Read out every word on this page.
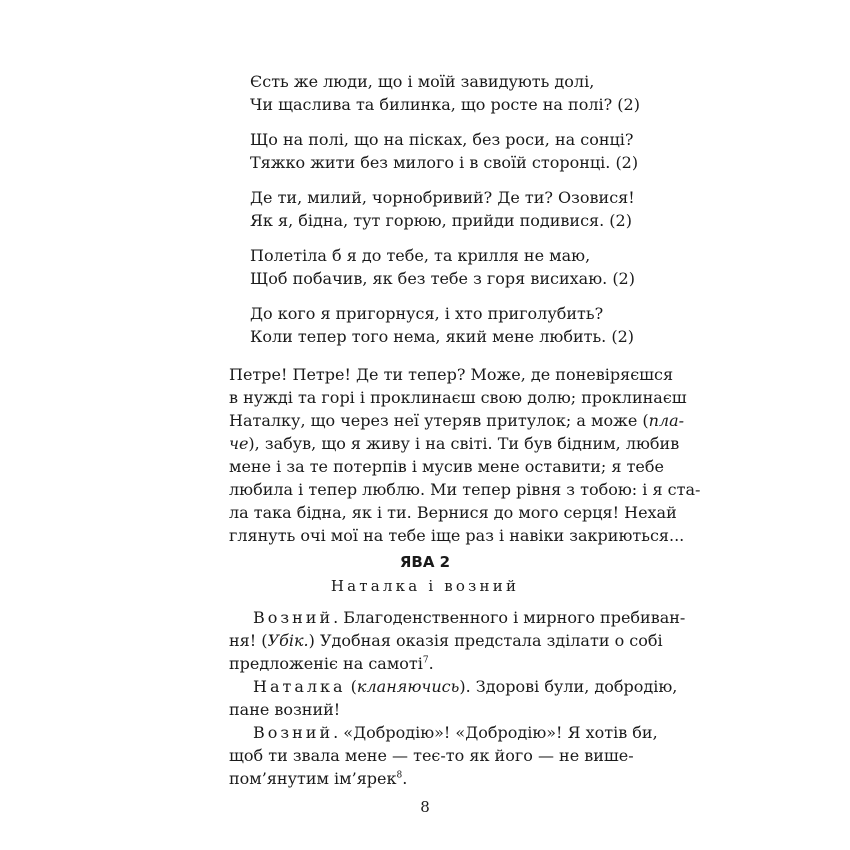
Єсть же люди, що і моїй завидують долі,
Чи щаслива та билинка, що росте на полі? (2)
Що на полі, що на пісках, без роси, на сонці?
Тяжко жити без милого і в своїй сторонці. (2)
Де ти, милий, чорнобривий? Де ти? Озовися!
Як я, бідна, тут горюю, прийди подивися. (2)
Полетіла б я до тебе, та крилля не маю,
Щоб побачив, як без тебе з горя висихаю. (2)
До кого я пригорнуся, і хто приголубить?
Коли тепер того нема, який мене любить. (2)
Петре! Петре! Де ти тепер? Може, де поневіряєшся
в нужді та горі і проклинаєш свою долю; проклинаєш
Наталку, що через неї утеряв притулок; а може (пла-
че), забув, що я живу і на світі. Ти був бідним, любив
мене і за те потерпів і мусив мене оставити; я тебе
любила і тепер люблю. Ми тепер рівня з тобою: і я ста-
ла така бідна, як і ти. Вернися до мого серця! Нехай
глянуть очі мої на тебе іще раз і навіки закриються...
ЯВА 2
Наталка і возний
Возний. Благоденственного і мирного пребиван-
ня! (Убік.) Удобная оказія предстала зділати о собі
предложеніє на самоті$^7$.
Наталка (кланяючись). Здорові були, добродію,
пане возний!
Возний. «Добродію»! «Добродію»! Я хотів би,
щоб ти звала мене — теє-то як його — не више-
пом’янутим ім’ярек$^8$.
8
